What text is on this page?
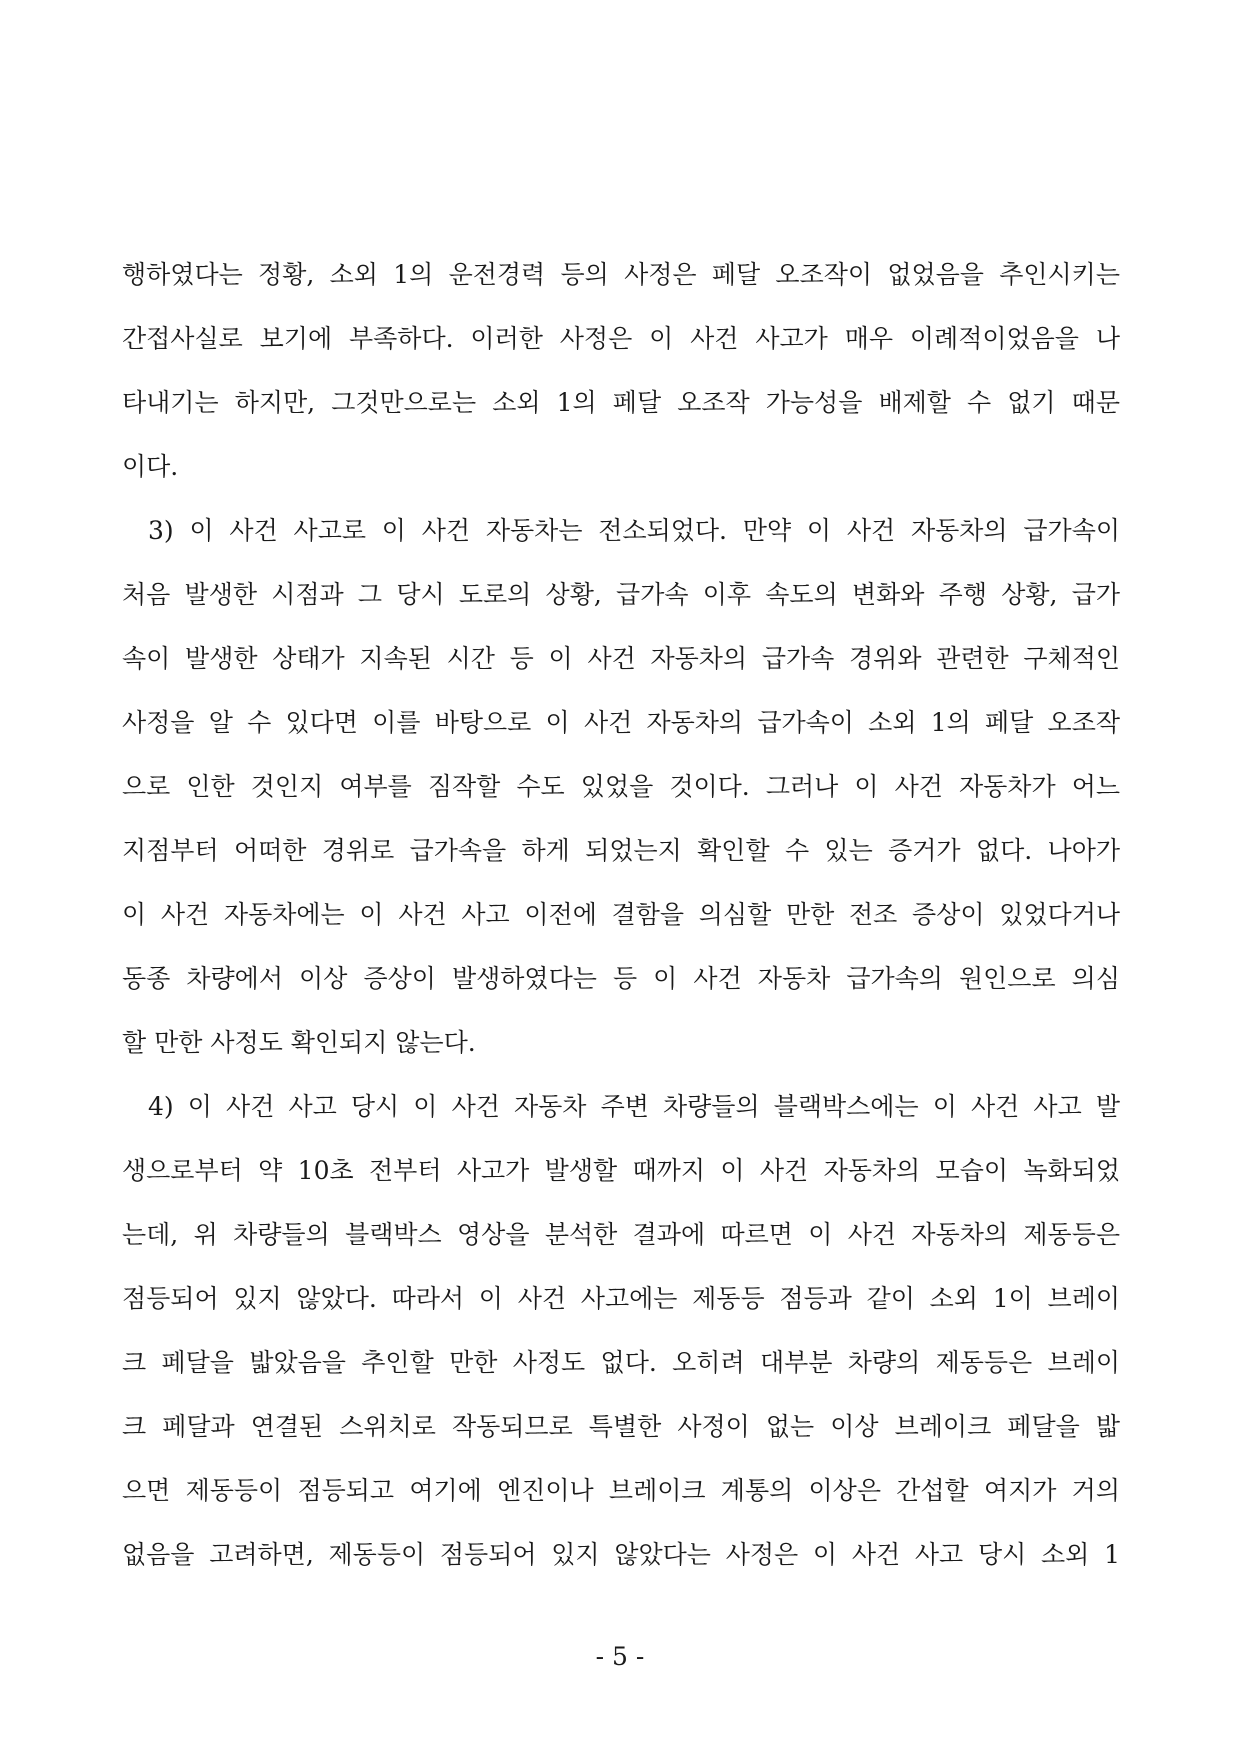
행하였다는 정황, 소외 1의 운전경력 등의 사정은 페달 오조작이 없었음을 추인시키는
간접사실로 보기에 부족하다. 이러한 사정은 이 사건 사고가 매우 이례적이었음을 나
타내기는 하지만, 그것만으로는 소외 1의 페달 오조작 가능성을 배제할 수 없기 때문
이다.
3) 이 사건 사고로 이 사건 자동차는 전소되었다. 만약 이 사건 자동차의 급가속이
처음 발생한 시점과 그 당시 도로의 상황, 급가속 이후 속도의 변화와 주행 상황, 급가
속이 발생한 상태가 지속된 시간 등 이 사건 자동차의 급가속 경위와 관련한 구체적인
사정을 알 수 있다면 이를 바탕으로 이 사건 자동차의 급가속이 소외 1의 페달 오조작
으로 인한 것인지 여부를 짐작할 수도 있었을 것이다. 그러나 이 사건 자동차가 어느
지점부터 어떠한 경위로 급가속을 하게 되었는지 확인할 수 있는 증거가 없다. 나아가
이 사건 자동차에는 이 사건 사고 이전에 결함을 의심할 만한 전조 증상이 있었다거나
동종 차량에서 이상 증상이 발생하였다는 등 이 사건 자동차 급가속의 원인으로 의심
할 만한 사정도 확인되지 않는다.
4) 이 사건 사고 당시 이 사건 자동차 주변 차량들의 블랙박스에는 이 사건 사고 발
생으로부터 약 10초 전부터 사고가 발생할 때까지 이 사건 자동차의 모습이 녹화되었
는데, 위 차량들의 블랙박스 영상을 분석한 결과에 따르면 이 사건 자동차의 제동등은
점등되어 있지 않았다. 따라서 이 사건 사고에는 제동등 점등과 같이 소외 1이 브레이
크 페달을 밟았음을 추인할 만한 사정도 없다. 오히려 대부분 차량의 제동등은 브레이
크 페달과 연결된 스위치로 작동되므로 특별한 사정이 없는 이상 브레이크 페달을 밟
으면 제동등이 점등되고 여기에 엔진이나 브레이크 계통의 이상은 간섭할 여지가 거의
없음을 고려하면, 제동등이 점등되어 있지 않았다는 사정은 이 사건 사고 당시 소외 1
- 5 -
